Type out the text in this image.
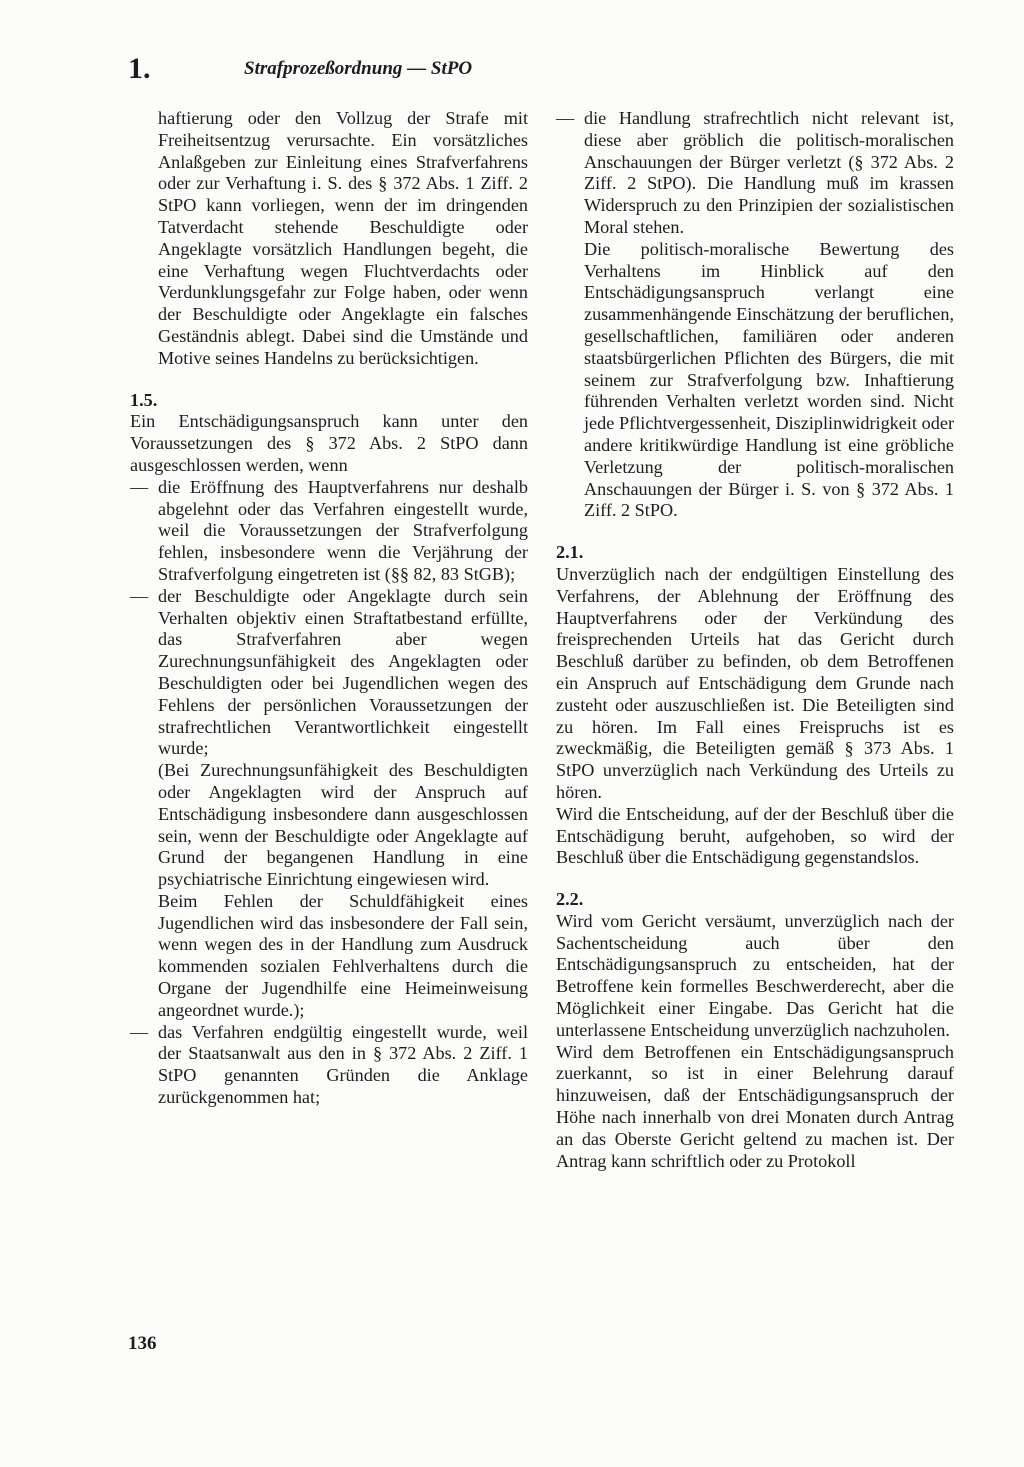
1.	Strafprozeßordnung — StPO

haftierung oder den Vollzug der Strafe mit Freiheitsentzug verursachte. Ein vorsätzliches Anlaßgeben zur Einleitung eines Strafverfahrens oder zur Verhaftung i. S. des § 372 Abs. 1 Ziff. 2 StPO kann vorliegen, wenn der im dringenden Tatverdacht stehende Beschuldigte oder Angeklagte vorsätzlich Handlungen begeht, die eine Verhaftung wegen Fluchtverdachts oder Verdunklungsgefahr zur Folge haben, oder wenn der Beschuldigte oder Angeklagte ein falsches Geständnis ablegt. Dabei sind die Umstände und Motive seines Handelns zu berücksichtigen.

1.5.

Ein Entschädigungsanspruch kann unter den Voraussetzungen des § 372 Abs. 2 StPO dann ausgeschlossen werden, wenn

— die Eröffnung des Hauptverfahrens nur deshalb abgelehnt oder das Verfahren eingestellt wurde, weil die Voraussetzungen der Strafverfolgung fehlen, insbesondere wenn die Verjährung der Strafverfolgung eingetreten ist (§§ 82, 83 StGB);
— der Beschuldigte oder Angeklagte durch sein Verhalten objektiv einen Straftatbestand erfüllte, das Strafverfahren aber wegen Zurechnungsunfähigkeit des Angeklagten oder Beschuldigten oder bei Jugendlichen wegen des Fehlens der persönlichen Voraussetzungen der strafrechtlichen Verantwortlichkeit eingestellt wurde;

(Bei Zurechnungsunfähigkeit des Beschuldigten oder Angeklagten wird der Anspruch auf Entschädigung insbesondere dann ausgeschlossen sein, wenn der Beschuldigte oder Angeklagte auf Grund der begangenen Handlung in eine psychiatrische Einrichtung eingewiesen wird.

Beim Fehlen der Schuldfähigkeit eines Jugendlichen wird das insbesondere der Fall sein, wenn wegen des in der Handlung zum Ausdruck kommenden sozialen Fehlverhaltens durch die Organe der Jugendhilfe eine Heimeinweisung angeordnet wurde.);

— das Verfahren endgültig eingestellt wurde, weil der Staatsanwalt aus den in § 372 Abs. 2 Ziff. 1 StPO genannten Gründen die Anklage zurückgenommen hat;
— die Handlung strafrechtlich nicht relevant ist, diese aber gröblich die politisch-moralischen Anschauungen der Bürger verletzt (§ 372 Abs. 2 Ziff. 2 StPO). Die Handlung muß im krassen Widerspruch zu den Prinzipien der sozialistischen Moral stehen.

Die politisch-moralische Bewertung des Verhaltens im Hinblick auf den Entschädigungsanspruch verlangt eine zusammenhängende Einschätzung der beruflichen, gesellschaftlichen, familiären oder anderen staatsbürgerlichen Pflichten des Bürgers, die mit seinem zur Strafverfolgung bzw. Inhaftierung führenden Verhalten verletzt worden sind. Nicht jede Pflichtvergessenheit, Disziplinwidrigkeit oder andere kritikwürdige Handlung ist eine gröbliche Verletzung der politisch-moralischen Anschauungen der Bürger i. S. von § 372 Abs. 1 Ziff. 2 StPO.

2.1.

Unverzüglich nach der endgültigen Einstellung des Verfahrens, der Ablehnung der Eröffnung des Hauptverfahrens oder der Verkündung des freisprechenden Urteils hat das Gericht durch Beschluß darüber zu befinden, ob dem Betroffenen ein Anspruch auf Entschädigung dem Grunde nach zusteht oder auszuschließen ist. Die Beteiligten sind zu hören. Im Fall eines Freispruchs ist es zweckmäßig, die Beteiligten gemäß § 373 Abs. 1 StPO unverzüglich nach Verkündung des Urteils zu hören.

Wird die Entscheidung, auf der der Beschluß über die Entschädigung beruht, aufgehoben, so wird der Beschluß über die Entschädigung gegenstandslos.

2.2.

Wird vom Gericht versäumt, unverzüglich nach der Sachentscheidung auch über den Entschädigungsanspruch zu entscheiden, hat der Betroffene kein formelles Beschwerderecht, aber die Möglichkeit einer Eingabe. Das Gericht hat die unterlassene Entscheidung unverzüglich nachzuholen.

Wird dem Betroffenen ein Entschädigungsanspruch zuerkannt, so ist in einer Belehrung darauf hinzuweisen, daß der Entschädigungsanspruch der Höhe nach innerhalb von drei Monaten durch Antrag an das Oberste Gericht geltend zu machen ist. Der Antrag kann schriftlich oder zu Protokoll

136
